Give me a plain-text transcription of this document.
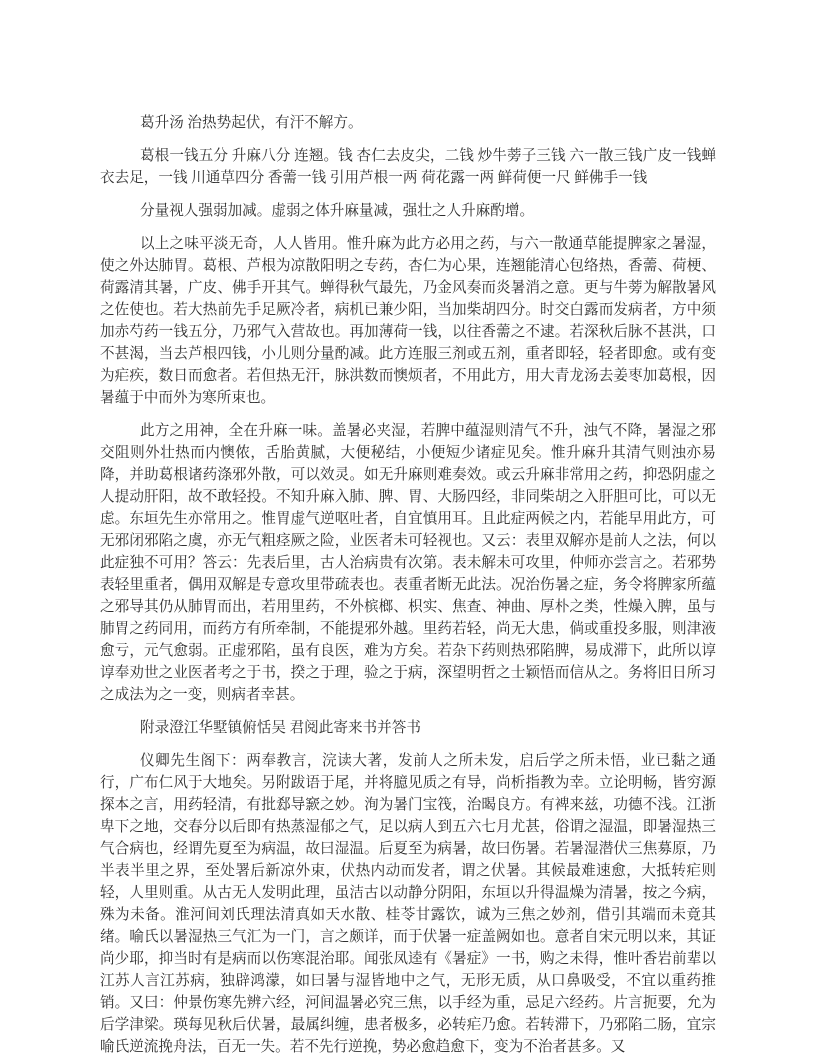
葛升汤 治热势起伏，有汗不解方。

葛根一钱五分 升麻八分 连翘。钱 杏仁去皮尖，二钱 炒牛蒡子三钱 六一散三钱广皮一钱蝉衣去足，一钱 川通草四分 香薷一钱 引用芦根一两 荷花露一两 鲜荷便一尺 鲜佛手一钱

分量视人强弱加减。虚弱之体升麻量减，强壮之人升麻酌增。

以上之味平淡无奇，人人皆用。惟升麻为此方必用之药，与六一散通草能提脾家之暑湿，使之外达肺胃。葛根、芦根为凉散阳明之专药，杏仁为心果，连翘能清心包络热，香薷、荷梗、荷露清其暑，广皮、佛手开其气。蝉得秋气最先，乃金风奏而炎暑消之意。更与牛蒡为解散暑风之佐使也。若大热前先手足厥冷者，病机已兼少阳，当加柴胡四分。时交白露而发病者，方中须加赤芍药一钱五分，乃邪气入营故也。再加薄荷一钱，以往香薷之不逮。若深秋后脉不甚洪，口不甚渴，当去芦根四钱，小儿则分量酌减。此方连服三剂或五剂，重者即轻，轻者即愈。或有变为疟疾，数日而愈者。若但热无汗，脉洪数而懊烦者，不用此方，用大青龙汤去姜枣加葛根，因暑蕴于中而外为寒所束也。

此方之用神，全在升麻一味。盖暑必夹湿，若脾中蕴湿则清气不升，浊气不降，暑湿之邪交阻则外壮热而内懊侬，舌胎黄腻，大便秘结，小便短少诸症见矣。惟升麻升其清气则浊亦易降，并助葛根诸药涤邪外散，可以效灵。如无升麻则难奏效。或云升麻非常用之药，抑恐阴虚之人提动肝阳，故不敢轻投。不知升麻入肺、脾、胃、大肠四经，非同柴胡之入肝胆可比，可以无虑。东垣先生亦常用之。惟胃虚气逆呕吐者，自宜慎用耳。且此症两候之内，若能早用此方，可无邪闭邪陷之虞，亦无气粗痉厥之险，业医者未可轻视也。又云：表里双解亦是前人之法，何以此症独不可用？答云：先表后里，古人治病贵有次第。表未解未可攻里，仲师亦尝言之。若邪势表轻里重者，偶用双解是专意攻里带疏表也。表重者断无此法。况治伤暑之症，务令将脾家所蕴之邪导其仍从肺胃而出，若用里药，不外槟榔、枳实、焦查、神曲、厚朴之类，性燥入脾，虽与肺胃之药同用，而药方有所牵制，不能提邪外越。里药若轻，尚无大患，倘或重投多服，则津液愈亏，元气愈弱。正虚邪陷，虽有良医，难为方矣。若杂下药则热邪陷脾，易成滞下，此所以谆谆奉劝世之业医者考之于书，揆之于理，验之于病，深望明哲之士颖悟而信从之。务将旧日所习之成法为之一变，则病者幸甚。

附录澄江华墅镇俯恬吴 君阅此寄来书并答书

仪卿先生阁下：两奉教言，浣读大著，发前人之所未发，启后学之所未悟，业已黏之通行，广布仁风于大地矣。另附跋语于尾，并将臆见质之有导，尚析指教为幸。立论明畅，皆穷源探本之言，用药轻清，有批郄导窾之妙。洵为暑门宝筏，治暍良方。有裨来兹，功德不浅。江浙卑下之地，交春分以后即有热蒸湿郁之气，足以病人到五六七月尤甚，俗谓之湿温，即暑湿热三气合病也，经谓先夏至为病温，故曰湿温。后夏至为病暑，故曰伤暑。若暑湿潜伏三焦募原，乃半表半里之界，至处署后新凉外束，伏热内动而发者，谓之伏暑。其候最难速愈，大抵转疟则轻，人里则重。从古无人发明此理，虽洁古以动静分阴阳，东垣以升得温燥为清暑，按之今病，殊为未备。淮河间刘氏理法清真如天水散、桂苓甘露饮，诚为三焦之妙剂，借引其端而未竟其绪。喻氏以暑湿热三气汇为一门，言之颇详，而于伏暑一症盖阙如也。意者自宋元明以来，其证尚少耶，抑当时有是病而以伤寒混治耶。闻张凤逵有《暑症》一书，购之未得，惟叶香岩前辈以江苏人言江苏病，独辟鸿濛，如曰暑与湿皆地中之气，无形无质，从口鼻吸受，不宜以重药推销。又曰：仲景伤寒先辨六经，河间温暑必究三焦，以手经为重，忌足六经药。片言扼要，允为后学津梁。瑛每见秋后伏暑，最属纠缠，患者极多，必转疟乃愈。若转滞下，乃邪陷二肠，宜宗喻氏逆流挽舟法，百无一失。若不先行逆挽，势必愈趋愈下，变为不治者甚多。又
